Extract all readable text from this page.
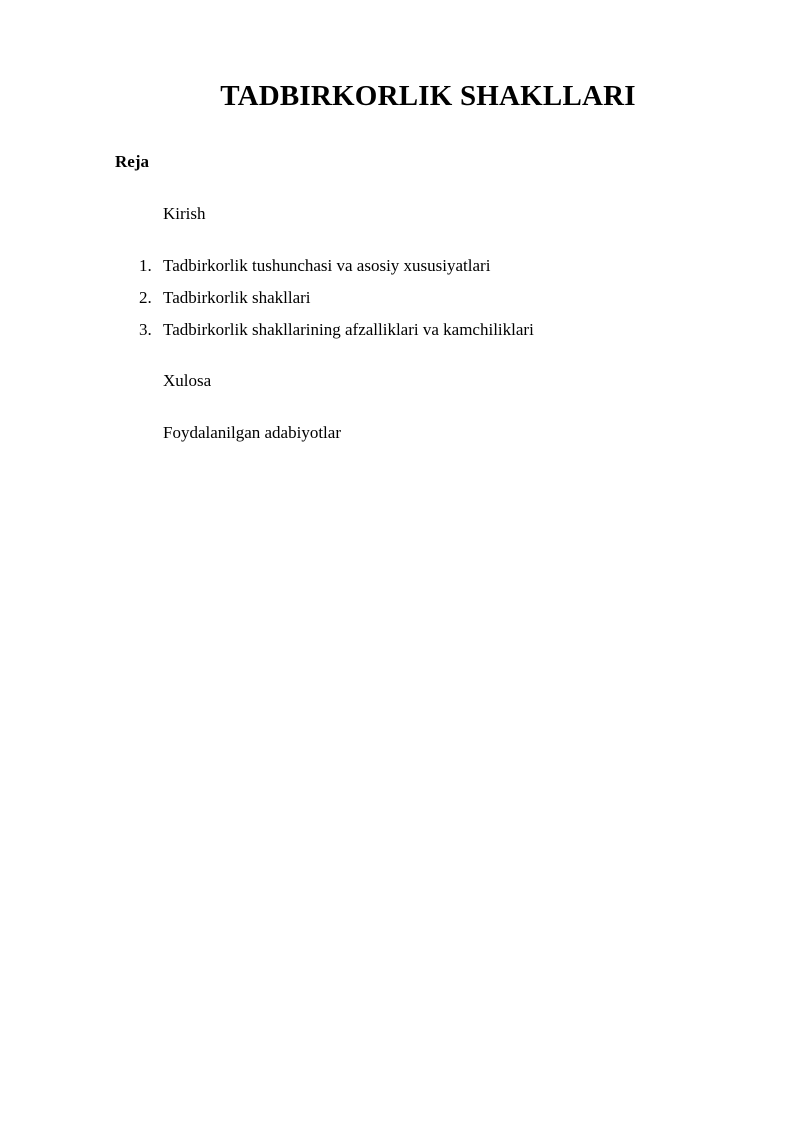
TADBIRKORLIK SHAKLLARI

Reja

Kirish

1. Tadbirkorlik tushunchasi va asosiy xususiyatlari
2. Tadbirkorlik shakllari
3. Tadbirkorlik shakllarining afzalliklari va kamchiliklari

Xulosa

Foydalanilgan adabiyotlar
